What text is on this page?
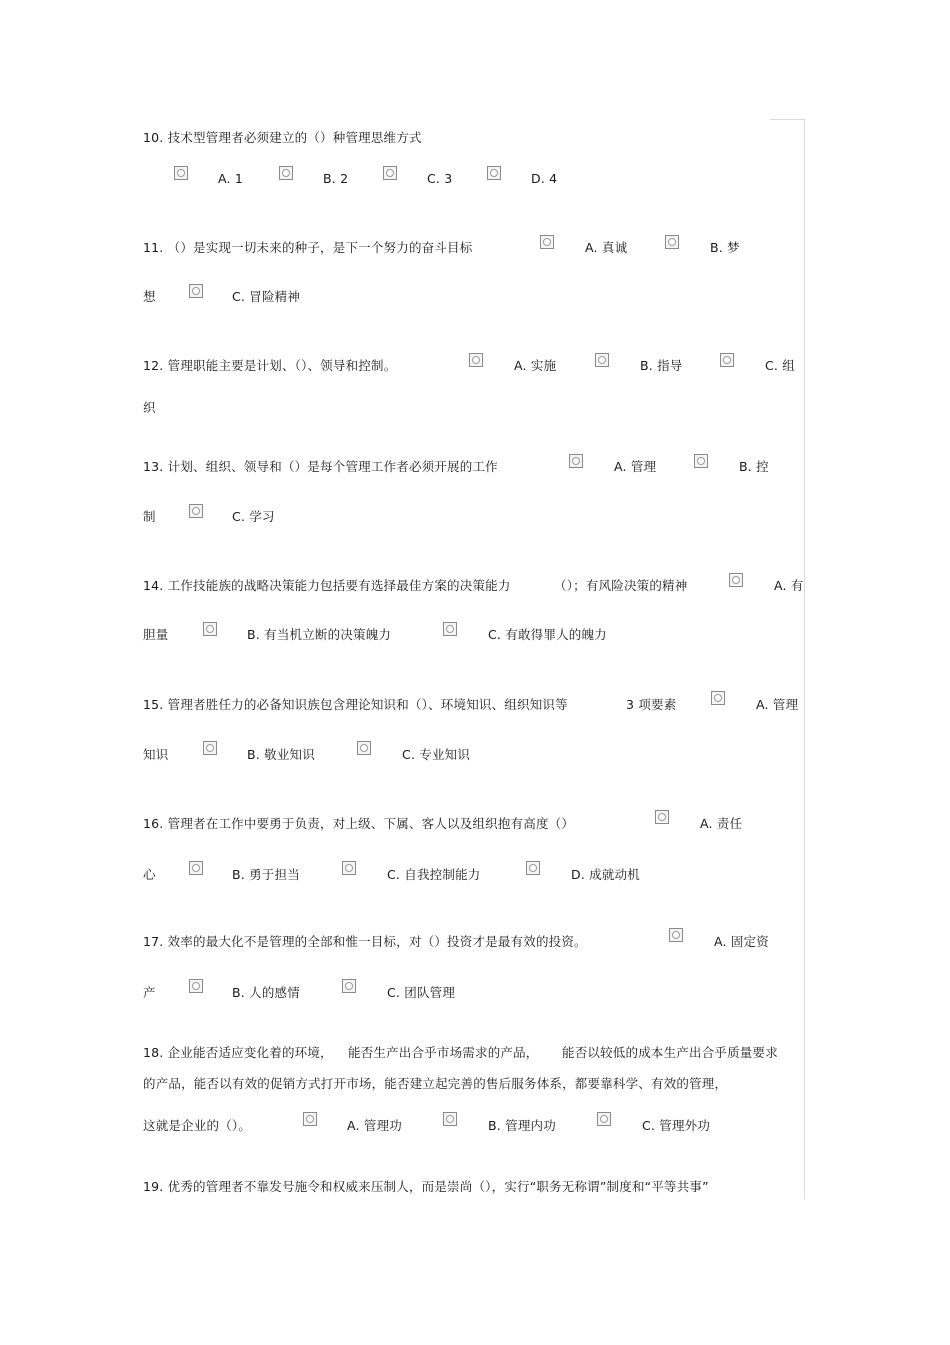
10. 技术型管理者必须建立的（）种管理思维方式
A. 1	B. 2	C. 3	D. 4
11. （）是实现一切未来的种子，是下一个努力的奋斗目标	A. 真诚	B. 梦
想	C. 冒险精神
12. 管理职能主要是计划、（）、领导和控制。	A. 实施	B. 指导	C. 组
织
13. 计划、组织、领导和（）是每个管理工作者必须开展的工作	A. 管理	B. 控
制	C. 学习
14. 工作技能族的战略决策能力包括要有选择最佳方案的决策能力	（）；有风险决策的精神	A. 有
胆量	B. 有当机立断的决策魄力	C. 有敢得罪人的魄力
15. 管理者胜任力的必备知识族包含理论知识和（）、环境知识、组织知识等	3 项要素	A. 管理
知识	B. 敬业知识	C. 专业知识
16. 管理者在工作中要勇于负责，对上级、下属、客人以及组织抱有高度（）	A. 责任
心	B. 勇于担当	C. 自我控制能力	D. 成就动机
17. 效率的最大化不是管理的全部和惟一目标，对（）投资才是最有效的投资。	A. 固定资
产	B. 人的感情	C. 团队管理
18. 企业能否适应变化着的环境， 能否生产出合乎市场需求的产品， 能否以较低的成本生产出合乎质量要求
的产品，能否以有效的促销方式打开市场，能否建立起完善的售后服务体系，都要靠科学、有效的管理，
这就是企业的（）。	A. 管理功	B. 管理内功	C. 管理外功
19. 优秀的管理者不靠发号施令和权威来压制人，而是崇尚（），实行“职务无称谓”制度和“平等共事”
